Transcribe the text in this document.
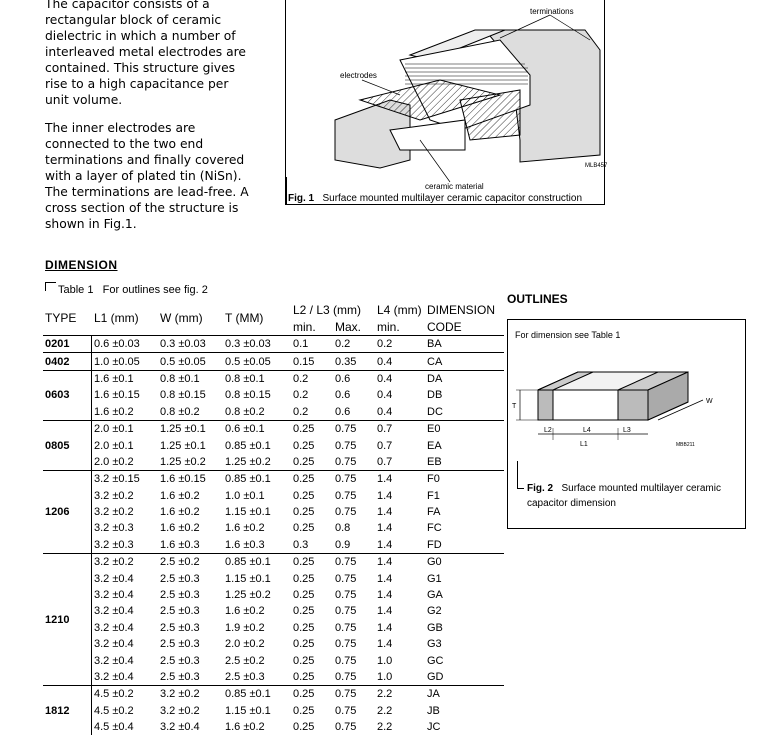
The capacitor consists of a rectangular block of ceramic dielectric in which a number of interleaved metal electrodes are contained. This structure gives rise to a high capacitance per unit volume.

The inner electrodes are connected to the two end terminations and finally covered with a layer of plated tin (NiSn). The terminations are lead-free. A cross section of the structure is shown in Fig.1.

terminations
electrodes
ceramic material
MLB457
Fig. 1 Surface mounted multilayer ceramic capacitor construction
DIMENSION
Table 1 For outlines see fig. 2
TYPE	L1 (mm)	W (mm)	T (MM)	L2 / L3 (mm)		L4 (mm)	DIMENSION
				min.	Max.	min.	CODE
0201	0.6 ±0.03	0.3 ±0.03	0.3 ±0.03	0.1	0.2	0.2	BA
0402	1.0 ±0.05	0.5 ±0.05	0.5 ±0.05	0.15	0.35	0.4	CA
0603	1.6 ±0.1	0.8 ±0.1	0.8 ±0.1	0.2	0.6	0.4	DA
	1.6 ±0.15	0.8 ±0.15	0.8 ±0.15	0.2	0.6	0.4	DB
	1.6 ±0.2	0.8 ±0.2	0.8 ±0.2	0.2	0.6	0.4	DC
0805	2.0 ±0.1	1.25 ±0.1	0.6 ±0.1	0.25	0.75	0.7	E0
	2.0 ±0.1	1.25 ±0.1	0.85 ±0.1	0.25	0.75	0.7	EA
	2.0 ±0.2	1.25 ±0.2	1.25 ±0.2	0.25	0.75	0.7	EB
1206	3.2 ±0.15	1.6 ±0.15	0.85 ±0.1	0.25	0.75	1.4	F0
	3.2 ±0.2	1.6 ±0.2	1.0 ±0.1	0.25	0.75	1.4	F1
	3.2 ±0.2	1.6 ±0.2	1.15 ±0.1	0.25	0.75	1.4	FA
	3.2 ±0.3	1.6 ±0.2	1.6 ±0.2	0.25	0.8	1.4	FC
	3.2 ±0.3	1.6 ±0.3	1.6 ±0.3	0.3	0.9	1.4	FD
1210	3.2 ±0.2	2.5 ±0.2	0.85 ±0.1	0.25	0.75	1.4	G0
	3.2 ±0.4	2.5 ±0.3	1.15 ±0.1	0.25	0.75	1.4	G1
	3.2 ±0.4	2.5 ±0.3	1.25 ±0.2	0.25	0.75	1.4	GA
	3.2 ±0.4	2.5 ±0.3	1.6 ±0.2	0.25	0.75	1.4	G2
	3.2 ±0.4	2.5 ±0.3	1.9 ±0.2	0.25	0.75	1.4	GB
	3.2 ±0.4	2.5 ±0.3	2.0 ±0.2	0.25	0.75	1.4	G3
	3.2 ±0.4	2.5 ±0.3	2.5 ±0.2	0.25	0.75	1.0	GC
	3.2 ±0.4	2.5 ±0.3	2.5 ±0.3	0.25	0.75	1.0	GD
1812	4.5 ±0.2	3.2 ±0.2	0.85 ±0.1	0.25	0.75	2.2	JA
	4.5 ±0.2	3.2 ±0.2	1.15 ±0.1	0.25	0.75	2.2	JB
	4.5 ±0.4	3.2 ±0.4	1.6 ±0.2	0.25	0.75	2.2	JC
OUTLINES
For dimension see Table 1
T
W
L2	L4	L3
L1	MBB211
Fig. 2 Surface mounted multilayer ceramic capacitor dimension
